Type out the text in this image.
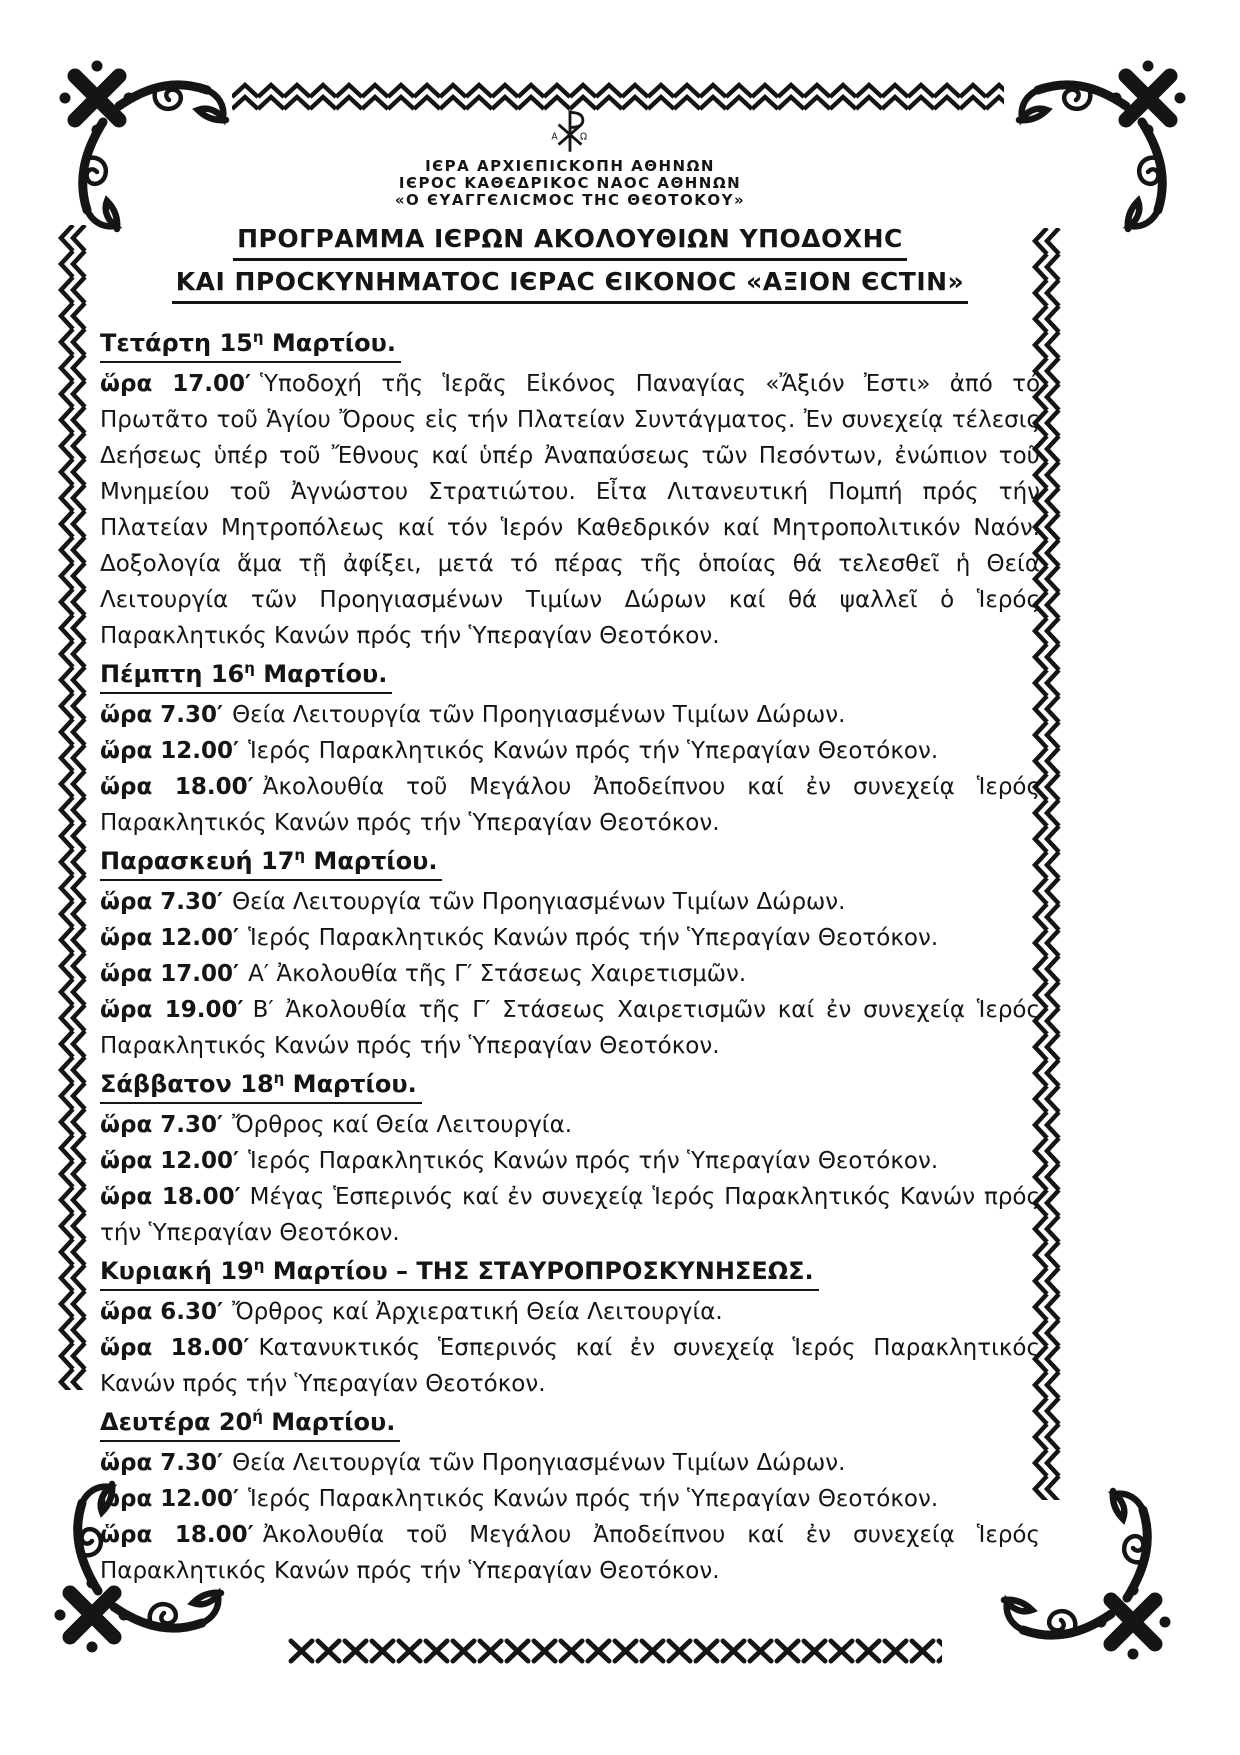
Α Ω
ΙЄΡΑ ΑΡΧΙЄΠΙCΚΟΠΗ ΑΘΗΝΩΝ
ΙЄΡΟC ΚΑΘЄΔΡΙΚΟC ΝΑΟC ΑΘΗΝΩΝ
«Ο ЄΥΑΓΓЄΛΙCΜΟC ΤΗC ΘЄΟΤΟΚΟΥ»
ΠΡΟΓΡΑΜΜΑ ΙЄΡΩΝ ΑΚΟΛΟΥΘΙΩΝ ΥΠΟΔΟΧΗC
ΚΑΙ ΠΡΟCΚΥΝΗΜΑΤΟC ΙЄΡΑC ЄΙΚΟΝΟC «ΑΞΙΟΝ ЄCΤΙΝ»
Τετάρτη $15^\eta$ Μαρτίου.

ὥρα 17.00′ Ὑποδοχή τῆς Ἱερᾶς Εἰκόνος Παναγίας «Ἄξιόν Ἐστι» ἀπό τό Πρωτᾶτο τοῦ Ἁγίου Ὄρους εἰς τήν Πλατείαν Συντάγματος. Ἐν συνεχείᾳ τέλεσις Δεήσεως ὑπέρ τοῦ Ἔθνους καί ὑπέρ Ἀναπαύσεως τῶν Πεσόντων, ἐνώπιον τοῦ Μνημείου τοῦ Ἀγνώστου Στρατιώτου. Εἶτα Λιτανευτική Πομπή πρός τήν Πλατείαν Μητροπόλεως καί τόν Ἱερόν Καθεδρικόν καί Μητροπολιτικόν Ναόν. Δοξολογία ἅμα τῇ ἀφίξει, μετά τό πέρας τῆς ὁποίας θά τελεσθεῖ ἡ Θεία Λειτουργία τῶν Προηγιασμένων Τιμίων Δώρων καί θά ψαλλεῖ ὁ Ἱερός Παρακλητικός Κανών πρός τήν Ὑπεραγίαν Θεοτόκον.

Πέμπτη $16^\eta$ Μαρτίου.

ὥρα 7.30′ Θεία Λειτουργία τῶν Προηγιασμένων Τιμίων Δώρων.

ὥρα 12.00′ Ἱερός Παρακλητικός Κανών πρός τήν Ὑπεραγίαν Θεοτόκον.

ὥρα 18.00′ Ἀκολουθία τοῦ Μεγάλου Ἀποδείπνου καί ἐν συνεχείᾳ Ἱερός Παρακλητικός Κανών πρός τήν Ὑπεραγίαν Θεοτόκον.

Παρασκευή $17^\eta$ Μαρτίου.

ὥρα 7.30′ Θεία Λειτουργία τῶν Προηγιασμένων Τιμίων Δώρων.

ὥρα 12.00′ Ἱερός Παρακλητικός Κανών πρός τήν Ὑπεραγίαν Θεοτόκον.

ὥρα 17.00′ Α′ Ἀκολουθία τῆς Γ′ Στάσεως Χαιρετισμῶν.

ὥρα 19.00′ Β′ Ἀκολουθία τῆς Γ′ Στάσεως Χαιρετισμῶν καί ἐν συνεχείᾳ Ἱερός Παρακλητικός Κανών πρός τήν Ὑπεραγίαν Θεοτόκον.

Σάββατον $18^\eta$ Μαρτίου.

ὥρα 7.30′ Ὄρθρος καί Θεία Λειτουργία.

ὥρα 12.00′ Ἱερός Παρακλητικός Κανών πρός τήν Ὑπεραγίαν Θεοτόκον.

ὥρα 18.00′ Μέγας Ἑσπερινός καί ἐν συνεχείᾳ Ἱερός Παρακλητικός Κανών πρός τήν Ὑπεραγίαν Θεοτόκον.

Κυριακή $19^\eta$ Μαρτίου – ΤΗΣ ΣΤΑΥΡΟΠΡΟΣΚΥΝΗΣΕΩΣ.

ὥρα 6.30′ Ὄρθρος καί Ἀρχιερατική Θεία Λειτουργία.

ὥρα 18.00′ Κατανυκτικός Ἑσπερινός καί ἐν συνεχείᾳ Ἱερός Παρακλητικός Κανών πρός τήν Ὑπεραγίαν Θεοτόκον.

Δευτέρα $20^ή$ Μαρτίου.

ὥρα 7.30′ Θεία Λειτουργία τῶν Προηγιασμένων Τιμίων Δώρων.

ὥρα 12.00′ Ἱερός Παρακλητικός Κανών πρός τήν Ὑπεραγίαν Θεοτόκον.

ὥρα 18.00′ Ἀκολουθία τοῦ Μεγάλου Ἀποδείπνου καί ἐν συνεχείᾳ Ἱερός Παρακλητικός Κανών πρός τήν Ὑπεραγίαν Θεοτόκον.
